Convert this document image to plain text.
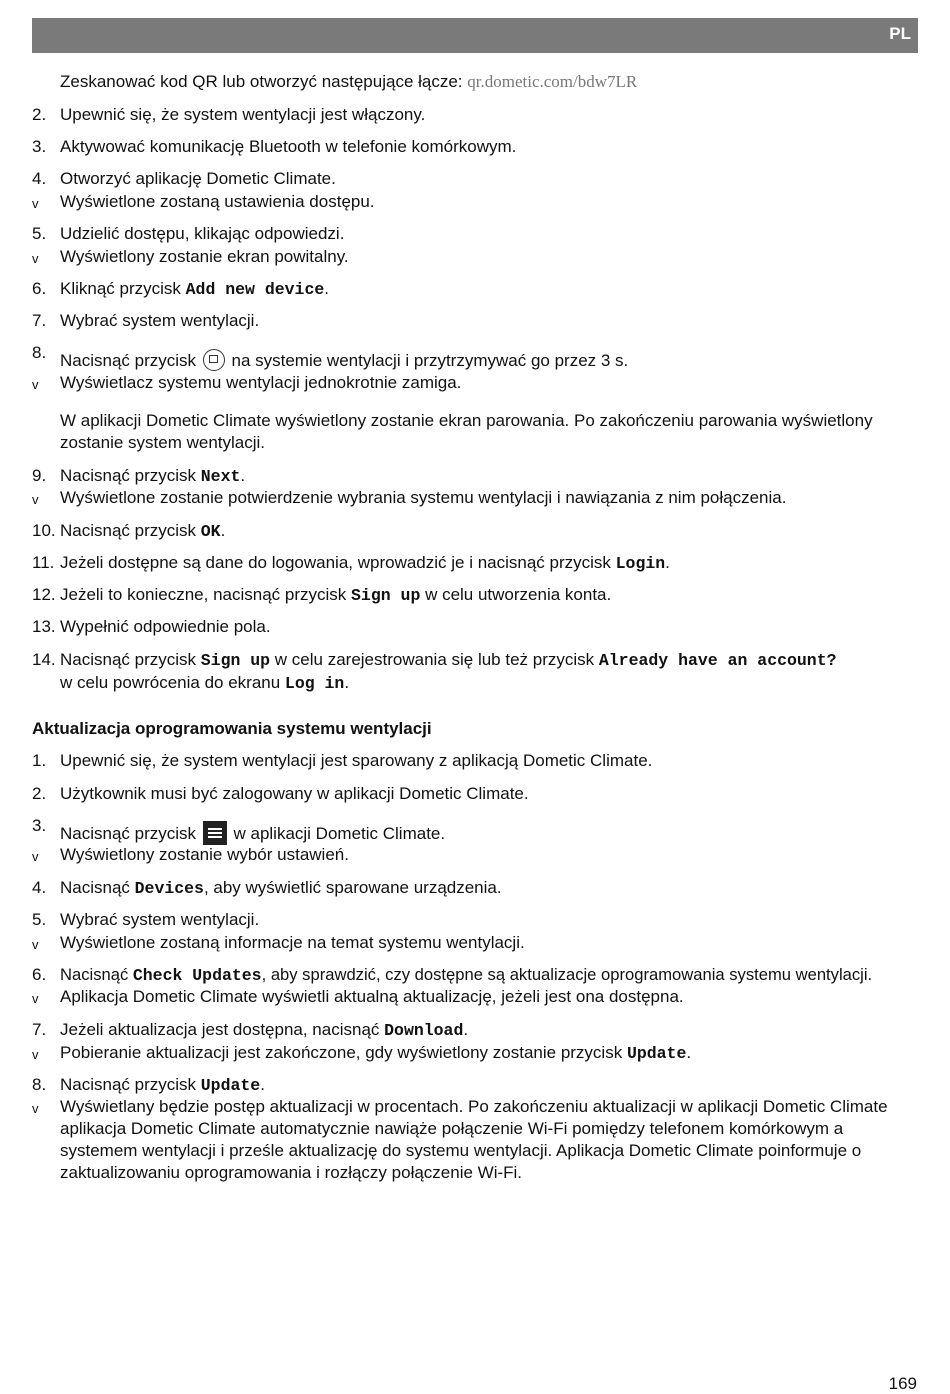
PL
Zeskanować kod QR lub otworzyć następujące łącze: qr.dometic.com/bdw7LR
2. Upewnić się, że system wentylacji jest włączony.
3. Aktywować komunikację Bluetooth w telefonie komórkowym.
4. Otworzyć aplikację Dometic Climate.
v Wyświetlone zostaną ustawienia dostępu.
5. Udzielić dostępu, klikając odpowiedzi.
v Wyświetlony zostanie ekran powitalny.
6. Kliknąć przycisk Add new device.
7. Wybrać system wentylacji.
8. Nacisnąć przycisk  na systemie wentylacji i przytrzymywać go przez 3 s.
v Wyświetlacz systemu wentylacji jednokrotnie zamiga.
W aplikacji Dometic Climate wyświetlony zostanie ekran parowania. Po zakończeniu parowania wyświetlony zostanie system wentylacji.
9. Nacisnąć przycisk Next.
v Wyświetlone zostanie potwierdzenie wybrania systemu wentylacji i nawiązania z nim połączenia.
10. Nacisnąć przycisk OK.
11. Jeżeli dostępne są dane do logowania, wprowadzić je i nacisnąć przycisk Login.
12. Jeżeli to konieczne, nacisnąć przycisk Sign up w celu utworzenia konta.
13. Wypełnić odpowiednie pola.
14. Nacisnąć przycisk Sign up w celu zarejestrowania się lub też przycisk Already have an account?
w celu powrócenia do ekranu Log in.
Aktualizacja oprogramowania systemu wentylacji
1. Upewnić się, że system wentylacji jest sparowany z aplikacją Dometic Climate.
2. Użytkownik musi być zalogowany w aplikacji Dometic Climate.
3. Nacisnąć przycisk
w aplikacji Dometic Climate.
v Wyświetlony zostanie wybór ustawień.
4. Nacisnąć Devices, aby wyświetlić sparowane urządzenia.
5. Wybrać system wentylacji.
v Wyświetlone zostaną informacje na temat systemu wentylacji.
6. Nacisnąć Check Updates, aby sprawdzić, czy dostępne są aktualizacje oprogramowania systemu wentylacji.
v Aplikacja Dometic Climate wyświetli aktualną aktualizację, jeżeli jest ona dostępna.
7. Jeżeli aktualizacja jest dostępna, nacisnąć Download.
v Pobieranie aktualizacji jest zakończone, gdy wyświetlony zostanie przycisk Update.
8. Nacisnąć przycisk Update.
v Wyświetlany będzie postęp aktualizacji w procentach. Po zakończeniu aktualizacji w aplikacji Dometic Climate aplikacja Dometic Climate automatycznie nawiąże połączenie Wi-Fi pomiędzy telefonem komórkowym a systemem wentylacji i prześle aktualizację do systemu wentylacji. Aplikacja Dometic Climate poinformuje o zaktualizowaniu oprogramowania i rozłączy połączenie Wi-Fi.
169
